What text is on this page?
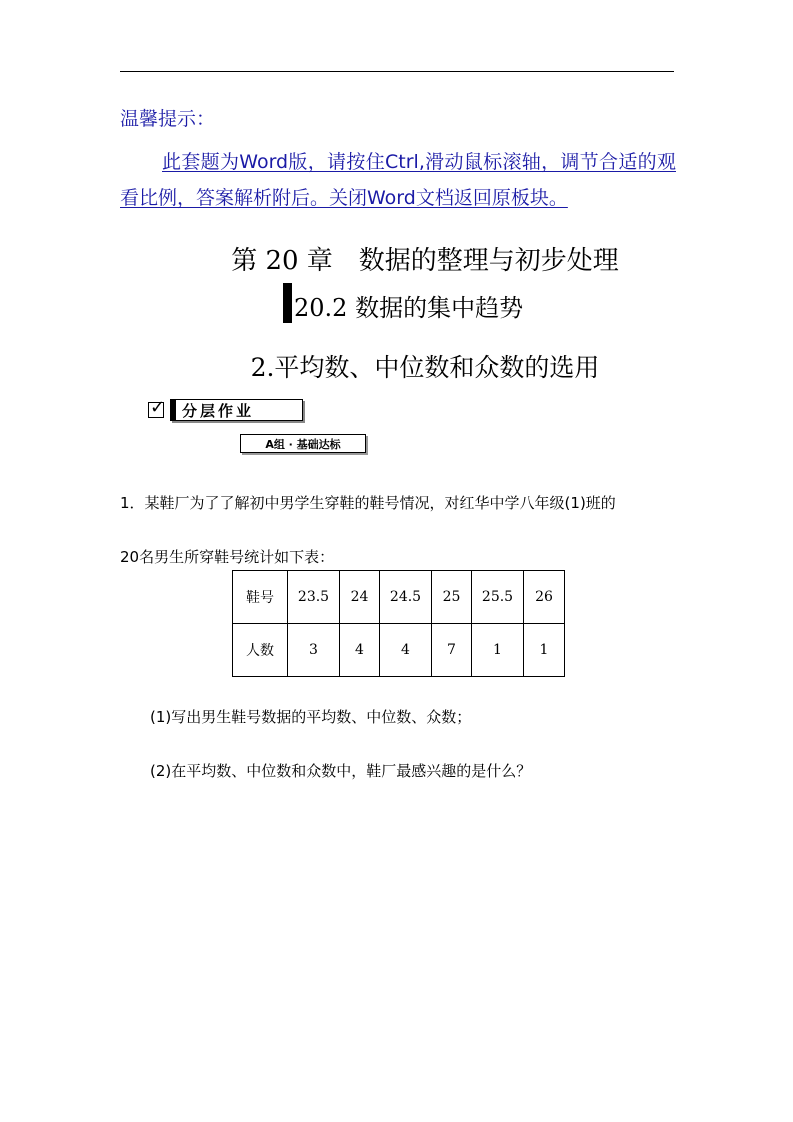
温馨提示：
此套题为Word版，请按住Ctrl,滑动鼠标滚轴，调节合适的观看比例，答案解析附后。关闭Word文档返回原板块。
第 20 章　数据的整理与初步处理
20.2 数据的集中趋势
2.平均数、中位数和众数的选用
✓	分层作业
A组 · 基础达标
1．某鞋厂为了了解初中男学生穿鞋的鞋号情况，对红华中学八年级(1)班的
20名男生所穿鞋号统计如下表：
鞋号	23.5	24	24.5	25	25.5	26
人数	3	4	4	7	1	1
(1)写出男生鞋号数据的平均数、中位数、众数；
(2)在平均数、中位数和众数中，鞋厂最感兴趣的是什么？
